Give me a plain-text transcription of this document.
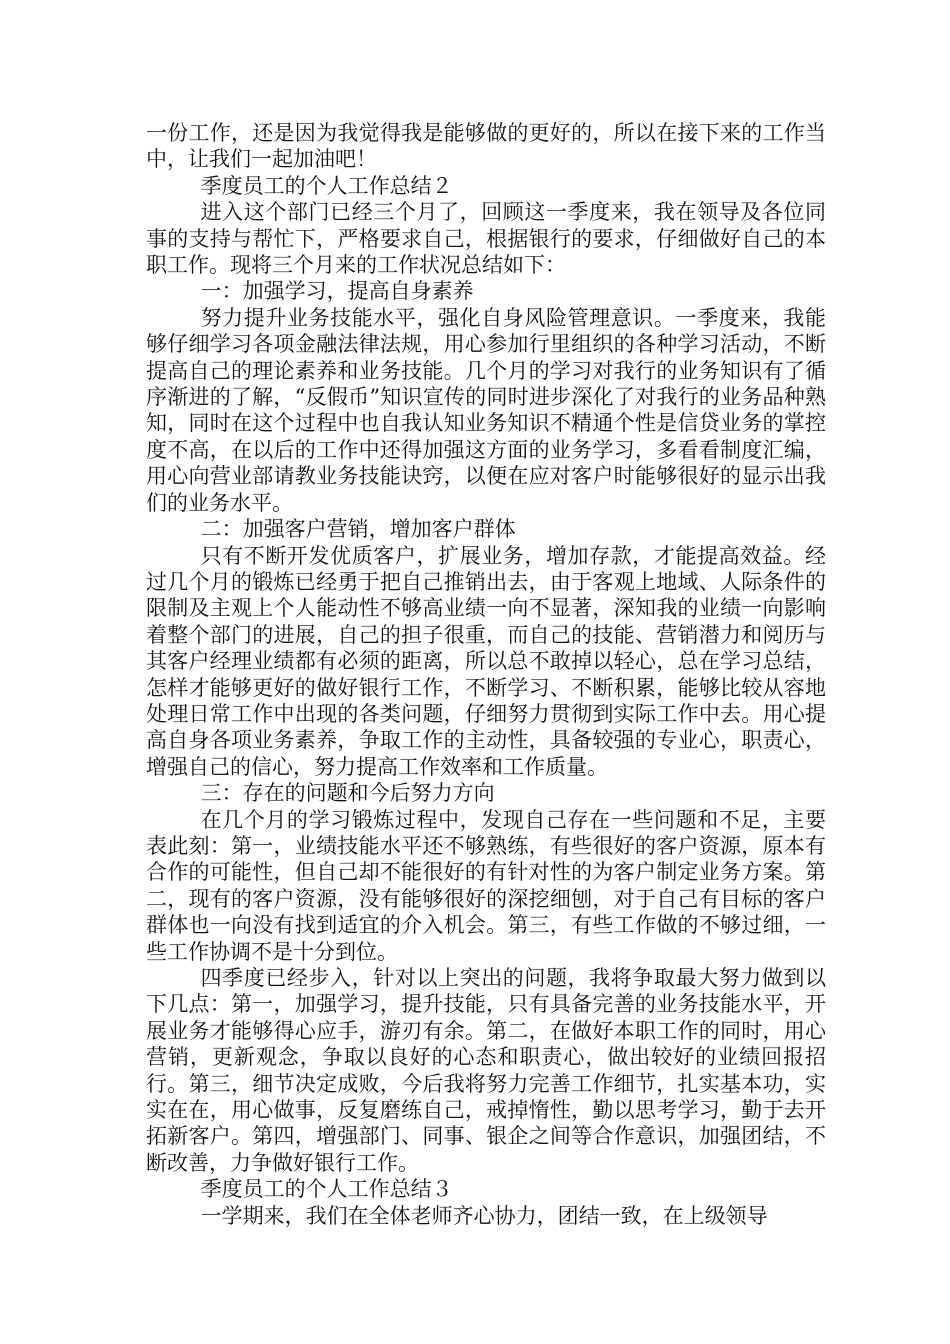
一份工作，还是因为我觉得我是能够做的更好的，所以在接下来的工作当中，让我们一起加油吧！

季度员工的个人工作总结２

进入这个部门已经三个月了，回顾这一季度来，我在领导及各位同事的支持与帮忙下，严格要求自己，根据银行的要求，仔细做好自己的本职工作。现将三个月来的工作状况总结如下：

一：加强学习，提高自身素养

努力提升业务技能水平，强化自身风险管理意识。一季度来，我能够仔细学习各项金融法律法规，用心参加行里组织的各种学习活动，不断提高自己的理论素养和业务技能。几个月的学习对我行的业务知识有了循序渐进的了解，“反假币”知识宣传的同时进步深化了对我行的业务品种熟知，同时在这个过程中也自我认知业务知识不精通个性是信贷业务的掌控度不高，在以后的工作中还得加强这方面的业务学习，多看看制度汇编，用心向营业部请教业务技能诀窍，以便在应对客户时能够很好的显示出我们的业务水平。

二：加强客户营销，增加客户群体

只有不断开发优质客户，扩展业务，增加存款，才能提高效益。经过几个月的锻炼已经勇于把自己推销出去，由于客观上地域、人际条件的限制及主观上个人能动性不够高业绩一向不显著，深知我的业绩一向影响着整个部门的进展，自己的担子很重，而自己的技能、营销潜力和阅历与其客户经理业绩都有必须的距离，所以总不敢掉以轻心，总在学习总结，怎样才能够更好的做好银行工作，不断学习、不断积累，能够比较从容地处理日常工作中出现的各类问题，仔细努力贯彻到实际工作中去。用心提高自身各项业务素养，争取工作的主动性，具备较强的专业心，职责心，增强自己的信心，努力提高工作效率和工作质量。

三：存在的问题和今后努力方向

在几个月的学习锻炼过程中，发现自己存在一些问题和不足，主要表此刻：第一，业绩技能水平还不够熟练，有些很好的客户资源，原本有合作的可能性，但自己却不能很好的有针对性的为客户制定业务方案。第二，现有的客户资源，没有能够很好的深挖细刨，对于自己有目标的客户群体也一向没有找到适宜的介入机会。第三，有些工作做的不够过细，一些工作协调不是十分到位。

四季度已经步入，针对以上突出的问题，我将争取最大努力做到以下几点：第一，加强学习，提升技能，只有具备完善的业务技能水平，开展业务才能够得心应手，游刃有余。第二，在做好本职工作的同时，用心营销，更新观念，争取以良好的心态和职责心，做出较好的业绩回报招行。第三，细节决定成败，今后我将努力完善工作细节，扎实基本功，实实在在，用心做事，反复磨练自己，戒掉惰性，勤以思考学习，勤于去开拓新客户。第四，增强部门、同事、银企之间等合作意识，加强团结，不断改善，力争做好银行工作。

季度员工的个人工作总结３

一学期来，我们在全体老师齐心协力，团结一致，在上级领导
